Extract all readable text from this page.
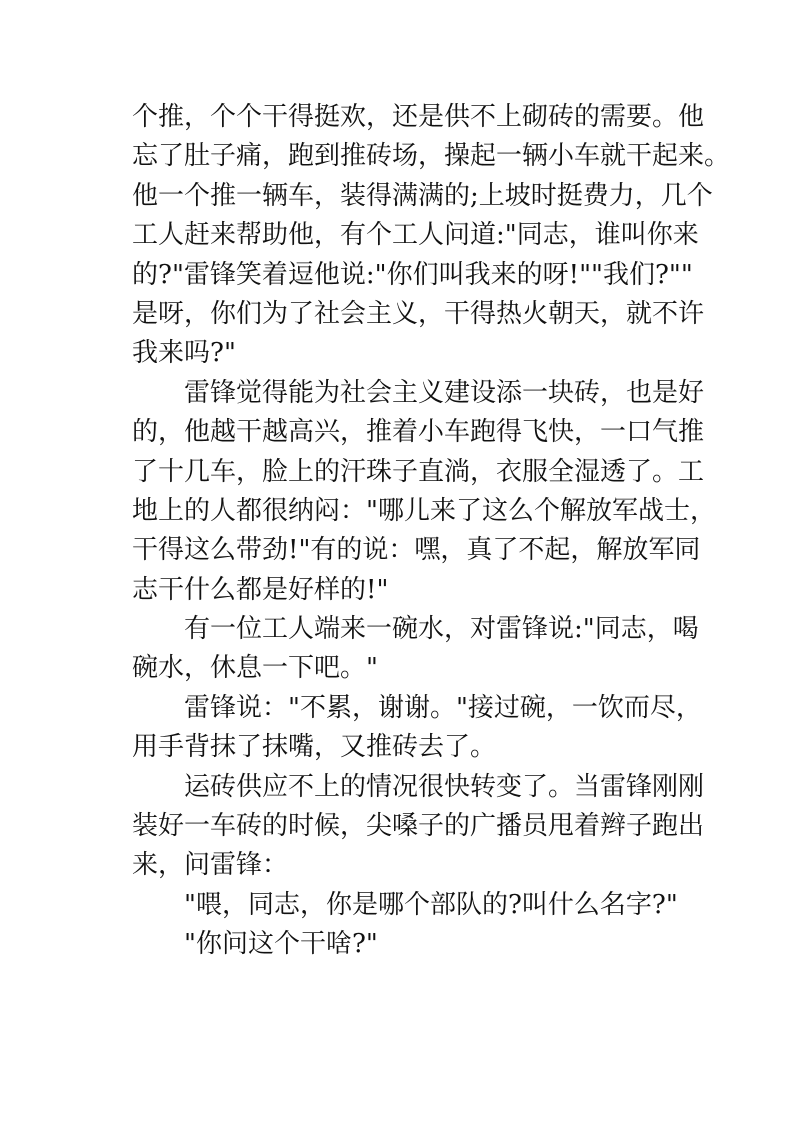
个推，个个干得挺欢，还是供不上砌砖的需要。他
忘了肚子痛，跑到推砖场，操起一辆小车就干起来。
他一个推一辆车，装得满满的;上坡时挺费力，几个
工人赶来帮助他，有个工人问道:"同志，谁叫你来
的?"雷锋笑着逗他说:"你们叫我来的呀!""我们?""
是呀，你们为了社会主义，干得热火朝天，就不许
我来吗?"
雷锋觉得能为社会主义建设添一块砖，也是好
的，他越干越高兴，推着小车跑得飞快，一口气推
了十几车，脸上的汗珠子直淌，衣服全湿透了。工
地上的人都很纳闷："哪儿来了这么个解放军战士，
干得这么带劲!"有的说：嘿，真了不起，解放军同
志干什么都是好样的!"
有一位工人端来一碗水，对雷锋说:"同志，喝
碗水，休息一下吧。"
雷锋说："不累，谢谢。"接过碗，一饮而尽，
用手背抹了抹嘴，又推砖去了。
运砖供应不上的情况很快转变了。当雷锋刚刚
装好一车砖的时候，尖嗓子的广播员甩着辫子跑出
来，问雷锋：
"喂，同志，你是哪个部队的?叫什么名字?"
"你问这个干啥?"
